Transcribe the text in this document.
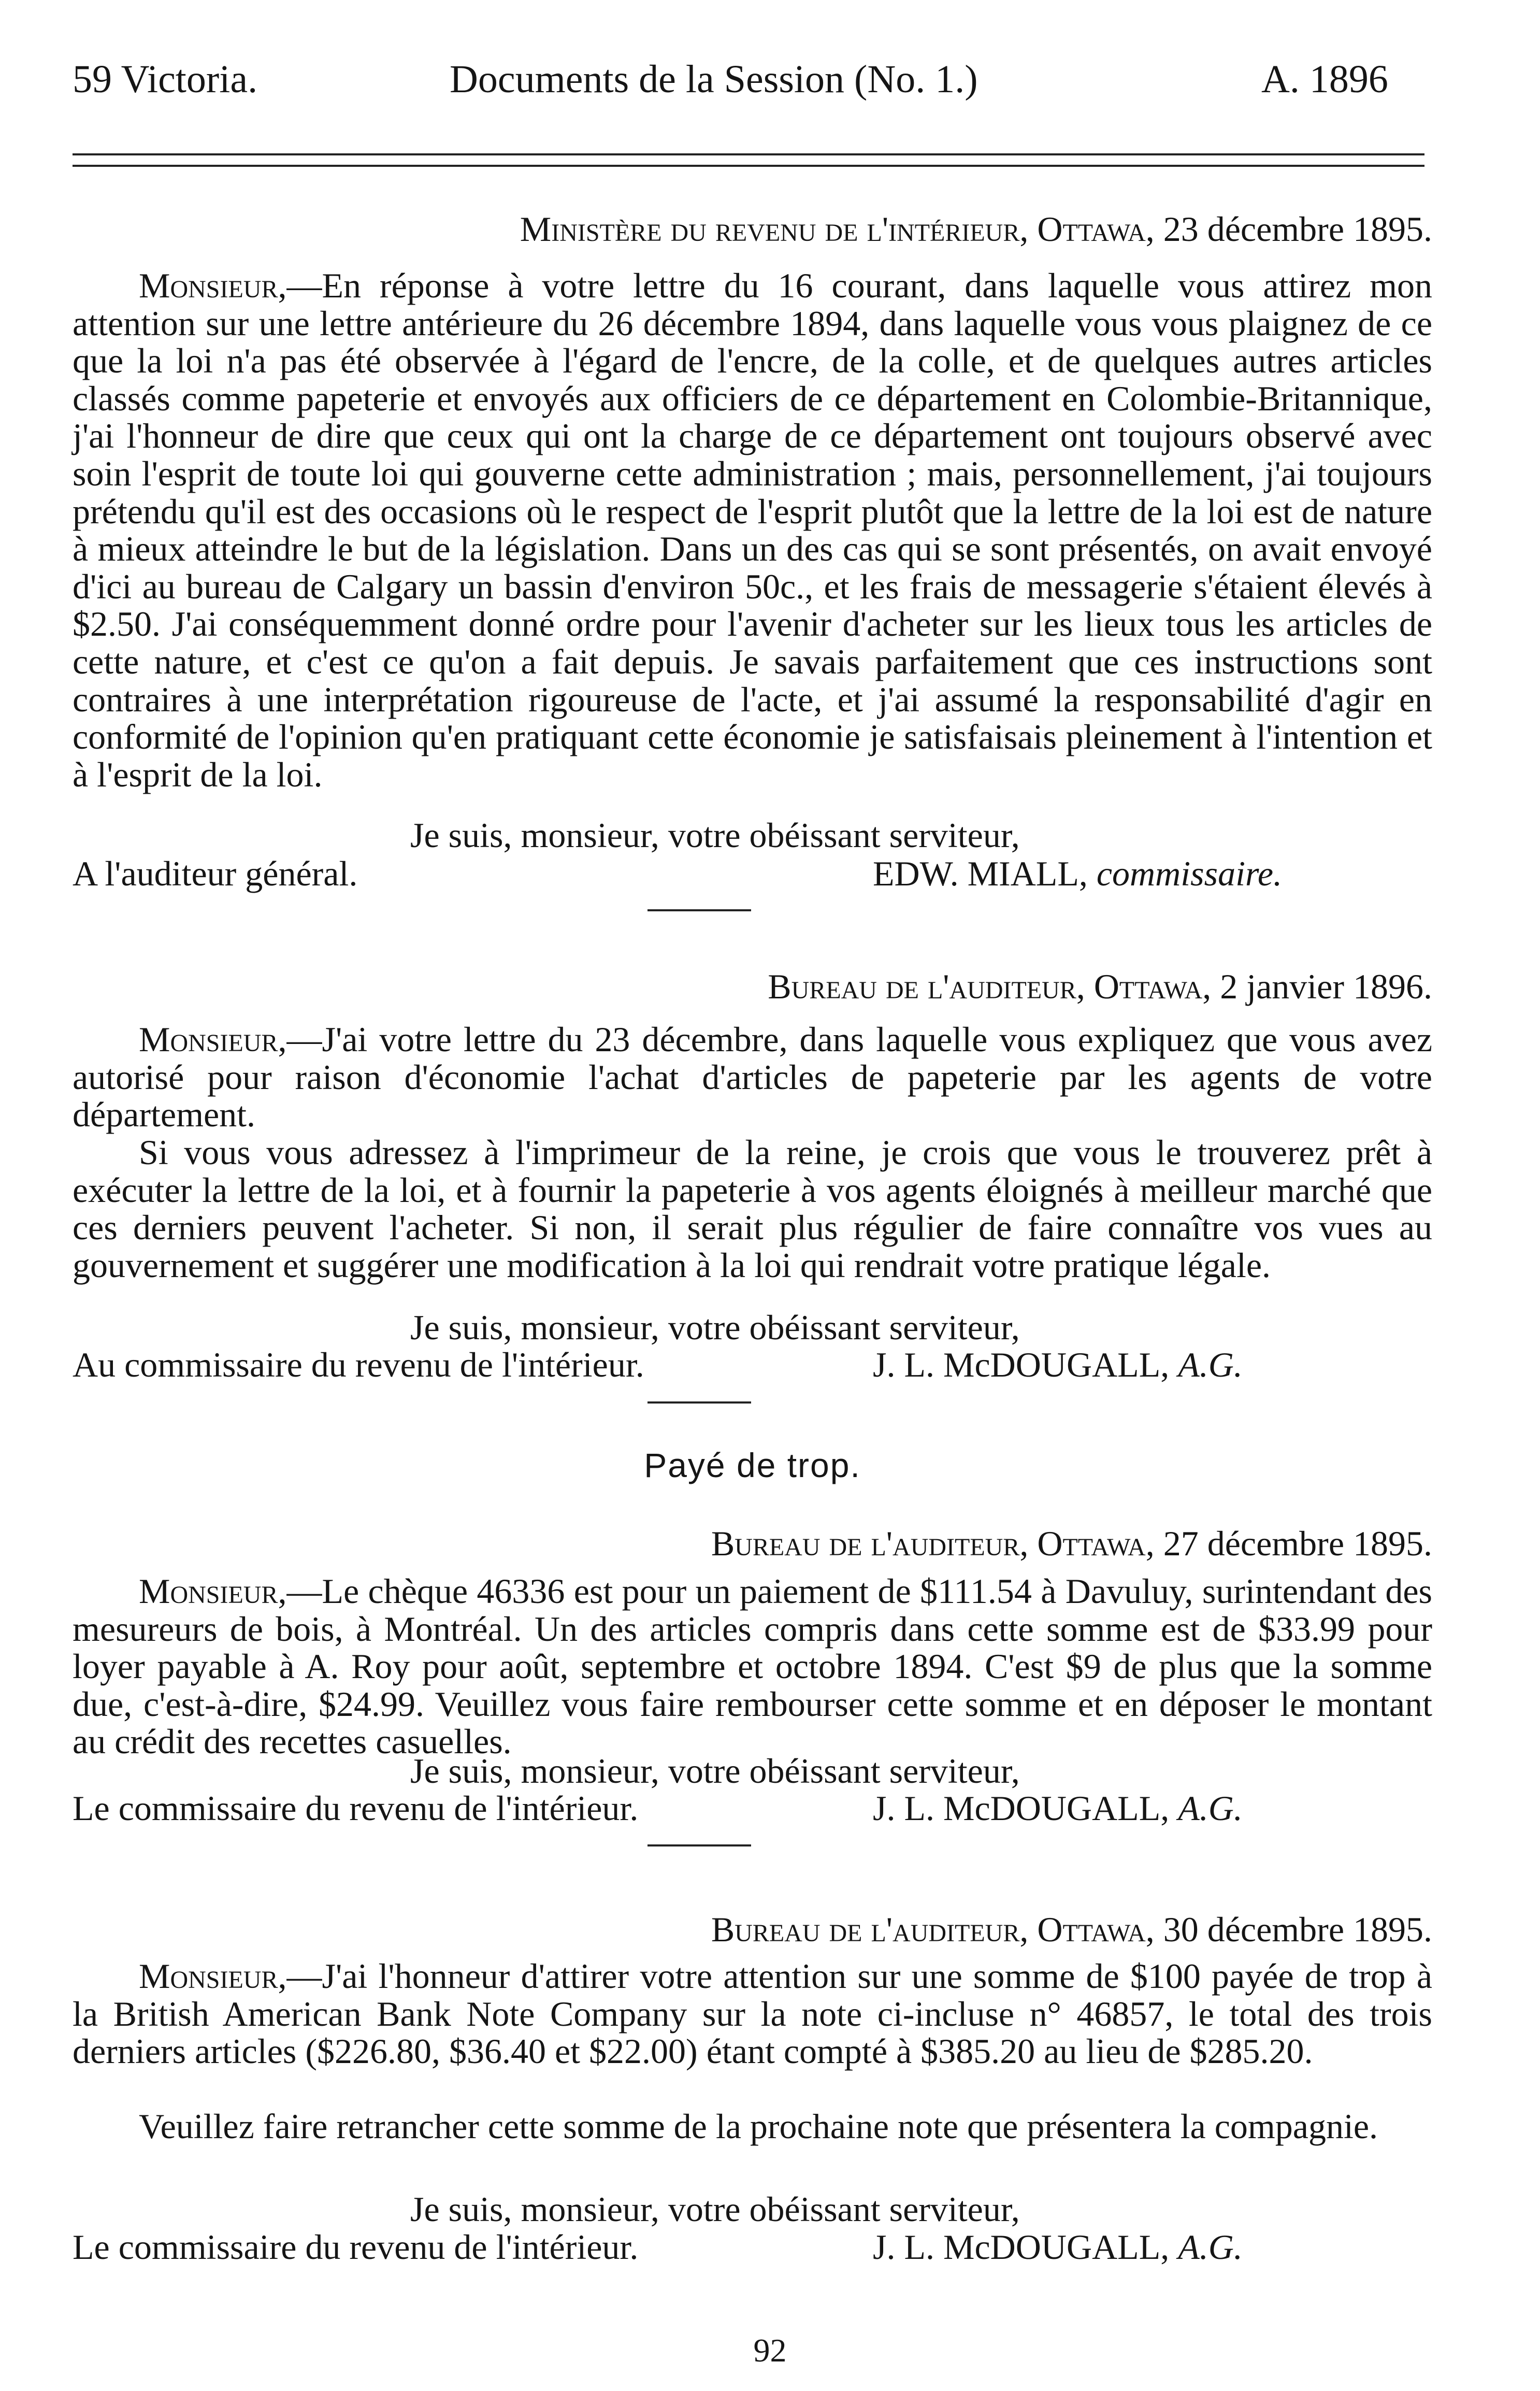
59 Victoria.	Documents de la Session (No. 1.)	A. 1896
Ministère du revenu de l'intérieur, Ottawa, 23 décembre 1895.

Monsieur,—En réponse à votre lettre du 16 courant, dans laquelle vous attirez mon attention sur une lettre antérieure du 26 décembre 1894, dans laquelle vous vous plaignez de ce que la loi n'a pas été observée à l'égard de l'encre, de la colle, et de quelques autres articles classés comme papeterie et envoyés aux officiers de ce département en Colombie-Britannique, j'ai l'honneur de dire que ceux qui ont la charge de ce département ont toujours observé avec soin l'esprit de toute loi qui gouverne cette administration ; mais, personnellement, j'ai toujours prétendu qu'il est des occasions où le respect de l'esprit plutôt que la lettre de la loi est de nature à mieux atteindre le but de la législation. Dans un des cas qui se sont présentés, on avait envoyé d'ici au bureau de Calgary un bassin d'environ 50c., et les frais de messagerie s'étaient élevés à $2.50. J'ai conséquemment donné ordre pour l'avenir d'acheter sur les lieux tous les articles de cette nature, et c'est ce qu'on a fait depuis. Je savais parfaitement que ces instructions sont contraires à une interprétation rigoureuse de l'acte, et j'ai assumé la responsabilité d'agir en conformité de l'opinion qu'en pratiquant cette économie je satisfaisais pleinement à l'intention et à l'esprit de la loi.

Je suis, monsieur, votre obéissant serviteur,
A l'auditeur général.	EDW. MIALL, commissaire.
Bureau de l'auditeur, Ottawa, 2 janvier 1896.

Monsieur,—J'ai votre lettre du 23 décembre, dans laquelle vous expliquez que vous avez autorisé pour raison d'économie l'achat d'articles de papeterie par les agents de votre département.

Si vous vous adressez à l'imprimeur de la reine, je crois que vous le trouverez prêt à exécuter la lettre de la loi, et à fournir la papeterie à vos agents éloignés à meilleur marché que ces derniers peuvent l'acheter. Si non, il serait plus régulier de faire connaître vos vues au gouvernement et suggérer une modification à la loi qui rendrait votre pratique légale.

Je suis, monsieur, votre obéissant serviteur,
Au commissaire du revenu de l'intérieur.	J. L. McDOUGALL, A.G.
Payé de trop.
Bureau de l'auditeur, Ottawa, 27 décembre 1895.

Monsieur,—Le chèque 46336 est pour un paiement de $111.54 à Davuluy, surintendant des mesureurs de bois, à Montréal. Un des articles compris dans cette somme est de $33.99 pour loyer payable à A. Roy pour août, septembre et octobre 1894. C'est $9 de plus que la somme due, c'est-à-dire, $24.99. Veuillez vous faire rembourser cette somme et en déposer le montant au crédit des recettes casuelles.

Je suis, monsieur, votre obéissant serviteur,
Le commissaire du revenu de l'intérieur.	J. L. McDOUGALL, A.G.
Bureau de l'auditeur, Ottawa, 30 décembre 1895.

Monsieur,—J'ai l'honneur d'attirer votre attention sur une somme de $100 payée de trop à la British American Bank Note Company sur la note ci-incluse n° 46857, le total des trois derniers articles ($226.80, $36.40 et $22.00) étant compté à $385.20 au lieu de $285.20.

Veuillez faire retrancher cette somme de la prochaine note que présentera la compagnie.

Je suis, monsieur, votre obéissant serviteur,
Le commissaire du revenu de l'intérieur.	J. L. McDOUGALL, A.G.
92
